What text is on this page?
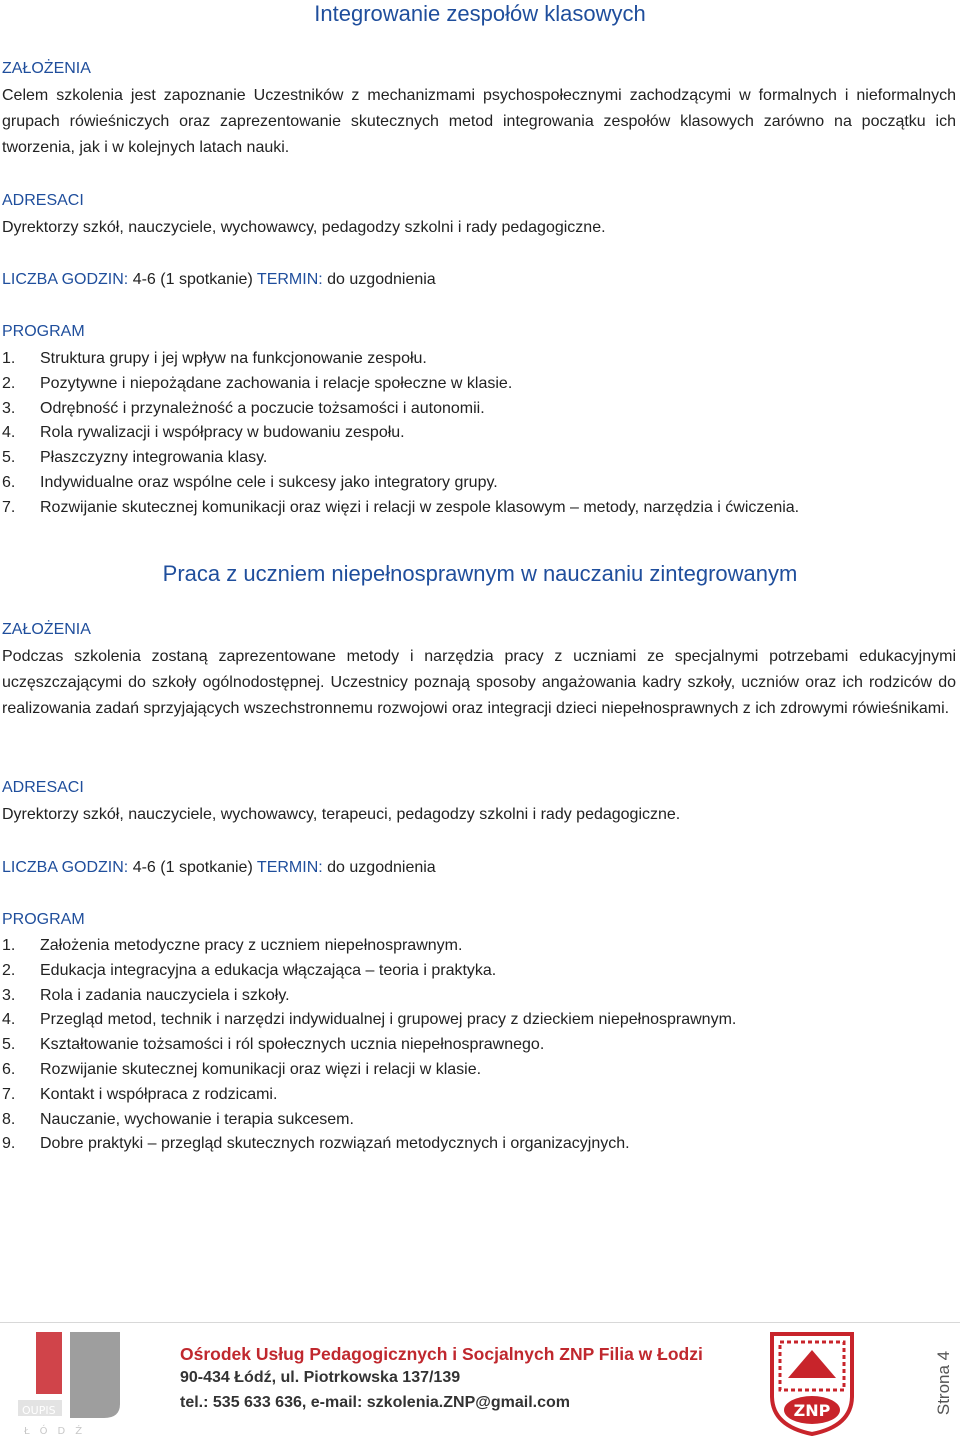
Integrowanie zespołów klasowych
ZAŁOŻENIA
Celem szkolenia jest zapoznanie Uczestników z mechanizmami psychospołecznymi zachodzącymi w formalnych i nieformalnych grupach rówieśniczych oraz zaprezentowanie skutecznych metod integrowania zespołów klasowych zarówno na początku ich tworzenia, jak i w kolejnych latach nauki.
ADRESACI
Dyrektorzy szkół, nauczyciele, wychowawcy, pedagodzy szkolni i rady pedagogiczne.
LICZBA GODZIN: 4-6 (1 spotkanie) TERMIN: do uzgodnienia
PROGRAM
1. Struktura grupy i jej wpływ na funkcjonowanie zespołu.
2. Pozytywne i niepożądane zachowania i relacje społeczne w klasie.
3. Odrębność i przynależność a poczucie tożsamości i autonomii.
4. Rola rywalizacji i współpracy w budowaniu zespołu.
5. Płaszczyzny integrowania klasy.
6. Indywidualne oraz wspólne cele i sukcesy jako integratory grupy.
7. Rozwijanie skutecznej komunikacji oraz więzi i relacji w zespole klasowym – metody, narzędzia i ćwiczenia.
Praca z uczniem niepełnosprawnym w nauczaniu zintegrowanym
ZAŁOŻENIA
Podczas szkolenia zostaną zaprezentowane metody i narzędzia pracy z uczniami ze specjalnymi potrzebami edukacyjnymi uczęszczającymi do szkoły ogólnodostępnej. Uczestnicy poznają sposoby angażowania kadry szkoły, uczniów oraz ich rodziców do realizowania zadań sprzyjających wszechstronnemu rozwojowi oraz integracji dzieci niepełnosprawnych z ich zdrowymi rówieśnikami.
ADRESACI
Dyrektorzy szkół, nauczyciele, wychowawcy, terapeuci, pedagodzy szkolni i rady pedagogiczne.
LICZBA GODZIN: 4-6 (1 spotkanie) TERMIN: do uzgodnienia
PROGRAM
1. Założenia metodyczne pracy z uczniem niepełnosprawnym.
2. Edukacja integracyjna a edukacja włączająca – teoria i praktyka.
3. Rola i zadania nauczyciela i szkoły.
4. Przegląd metod, technik i narzędzi indywidualnej i grupowej pracy z dzieckiem niepełnosprawnym.
5. Kształtowanie tożsamości i ról społecznych ucznia niepełnosprawnego.
6. Rozwijanie skutecznej komunikacji oraz więzi i relacji w klasie.
7. Kontakt i współpraca z rodzicami.
8. Nauczanie, wychowanie i terapia sukcesem.
9. Dobre praktyki – przegląd skutecznych rozwiązań metodycznych i organizacyjnych.
OUPIS
ŁÓDŹ
Ośrodek Usług Pedagogicznych i Socjalnych ZNP Filia w Łodzi
90-434 Łódź, ul. Piotrkowska 137/139
tel.: 535 633 636, e-mail: szkolenia.ZNP@gmail.com	ZNP	Strona 4
